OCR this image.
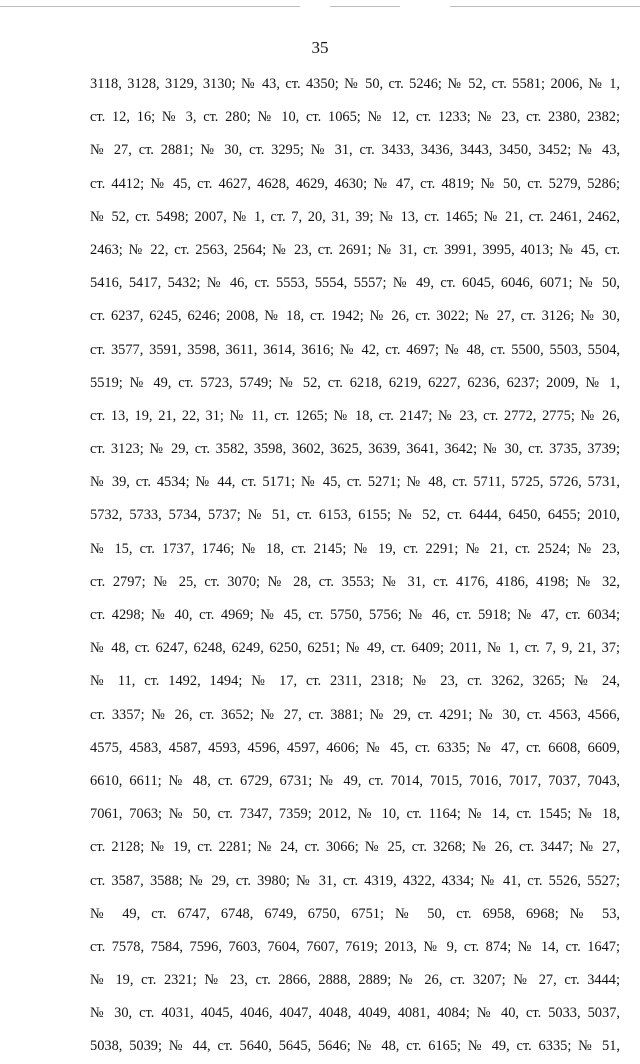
35
3118, 3128, 3129, 3130; № 43, ст. 4350; № 50, ст. 5246; № 52, ст. 5581; 2006, № 1,
ст. 12, 16; № 3, ст. 280; № 10, ст. 1065; № 12, ст. 1233; № 23, ст. 2380, 2382;
№ 27, ст. 2881; № 30, ст. 3295; № 31, ст. 3433, 3436, 3443, 3450, 3452; № 43,
ст. 4412; № 45, ст. 4627, 4628, 4629, 4630; № 47, ст. 4819; № 50, ст. 5279, 5286;
№ 52, ст. 5498; 2007, № 1, ст. 7, 20, 31, 39; № 13, ст. 1465; № 21, ст. 2461, 2462,
2463; № 22, ст. 2563, 2564; № 23, ст. 2691; № 31, ст. 3991, 3995, 4013; № 45, ст.
5416, 5417, 5432; № 46, ст. 5553, 5554, 5557; № 49, ст. 6045, 6046, 6071; № 50,
ст. 6237, 6245, 6246; 2008, № 18, ст. 1942; № 26, ст. 3022; № 27, ст. 3126; № 30,
ст. 3577, 3591, 3598, 3611, 3614, 3616; № 42, ст. 4697; № 48, ст. 5500, 5503, 5504,
5519; № 49, ст. 5723, 5749; № 52, ст. 6218, 6219, 6227, 6236, 6237; 2009, № 1,
ст. 13, 19, 21, 22, 31; № 11, ст. 1265; № 18, ст. 2147; № 23, ст. 2772, 2775; № 26,
ст. 3123; № 29, ст. 3582, 3598, 3602, 3625, 3639, 3641, 3642; № 30, ст. 3735, 3739;
№ 39, ст. 4534; № 44, ст. 5171; № 45, ст. 5271; № 48, ст. 5711, 5725, 5726, 5731,
5732, 5733, 5734, 5737; № 51, ст. 6153, 6155; № 52, ст. 6444, 6450, 6455; 2010,
№ 15, ст. 1737, 1746; № 18, ст. 2145; № 19, ст. 2291; № 21, ст. 2524; № 23,
ст. 2797; № 25, ст. 3070; № 28, ст. 3553; № 31, ст. 4176, 4186, 4198; № 32,
ст. 4298; № 40, ст. 4969; № 45, ст. 5750, 5756; № 46, ст. 5918; № 47, ст. 6034;
№ 48, ст. 6247, 6248, 6249, 6250, 6251; № 49, ст. 6409; 2011, № 1, ст. 7, 9, 21, 37;
№ 11, ст. 1492, 1494; № 17, ст. 2311, 2318; № 23, ст. 3262, 3265; № 24,
ст. 3357; № 26, ст. 3652; № 27, ст. 3881; № 29, ст. 4291; № 30, ст. 4563, 4566,
4575, 4583, 4587, 4593, 4596, 4597, 4606; № 45, ст. 6335; № 47, ст. 6608, 6609,
6610, 6611; № 48, ст. 6729, 6731; № 49, ст. 7014, 7015, 7016, 7017, 7037, 7043,
7061, 7063; № 50, ст. 7347, 7359; 2012, № 10, ст. 1164; № 14, ст. 1545; № 18,
ст. 2128; № 19, ст. 2281; № 24, ст. 3066; № 25, ст. 3268; № 26, ст. 3447; № 27,
ст. 3587, 3588; № 29, ст. 3980; № 31, ст. 4319, 4322, 4334; № 41, ст. 5526, 5527;
№ 49, ст. 6747, 6748, 6749, 6750, 6751; № 50, ст. 6958, 6968; № 53,
ст. 7578, 7584, 7596, 7603, 7604, 7607, 7619; 2013, № 9, ст. 874; № 14, ст. 1647;
№ 19, ст. 2321; № 23, ст. 2866, 2888, 2889; № 26, ст. 3207; № 27, ст. 3444;
№ 30, ст. 4031, 4045, 4046, 4047, 4048, 4049, 4081, 4084; № 40, ст. 5033, 5037,
5038, 5039; № 44, ст. 5640, 5645, 5646; № 48, ст. 6165; № 49, ст. 6335; № 51,
